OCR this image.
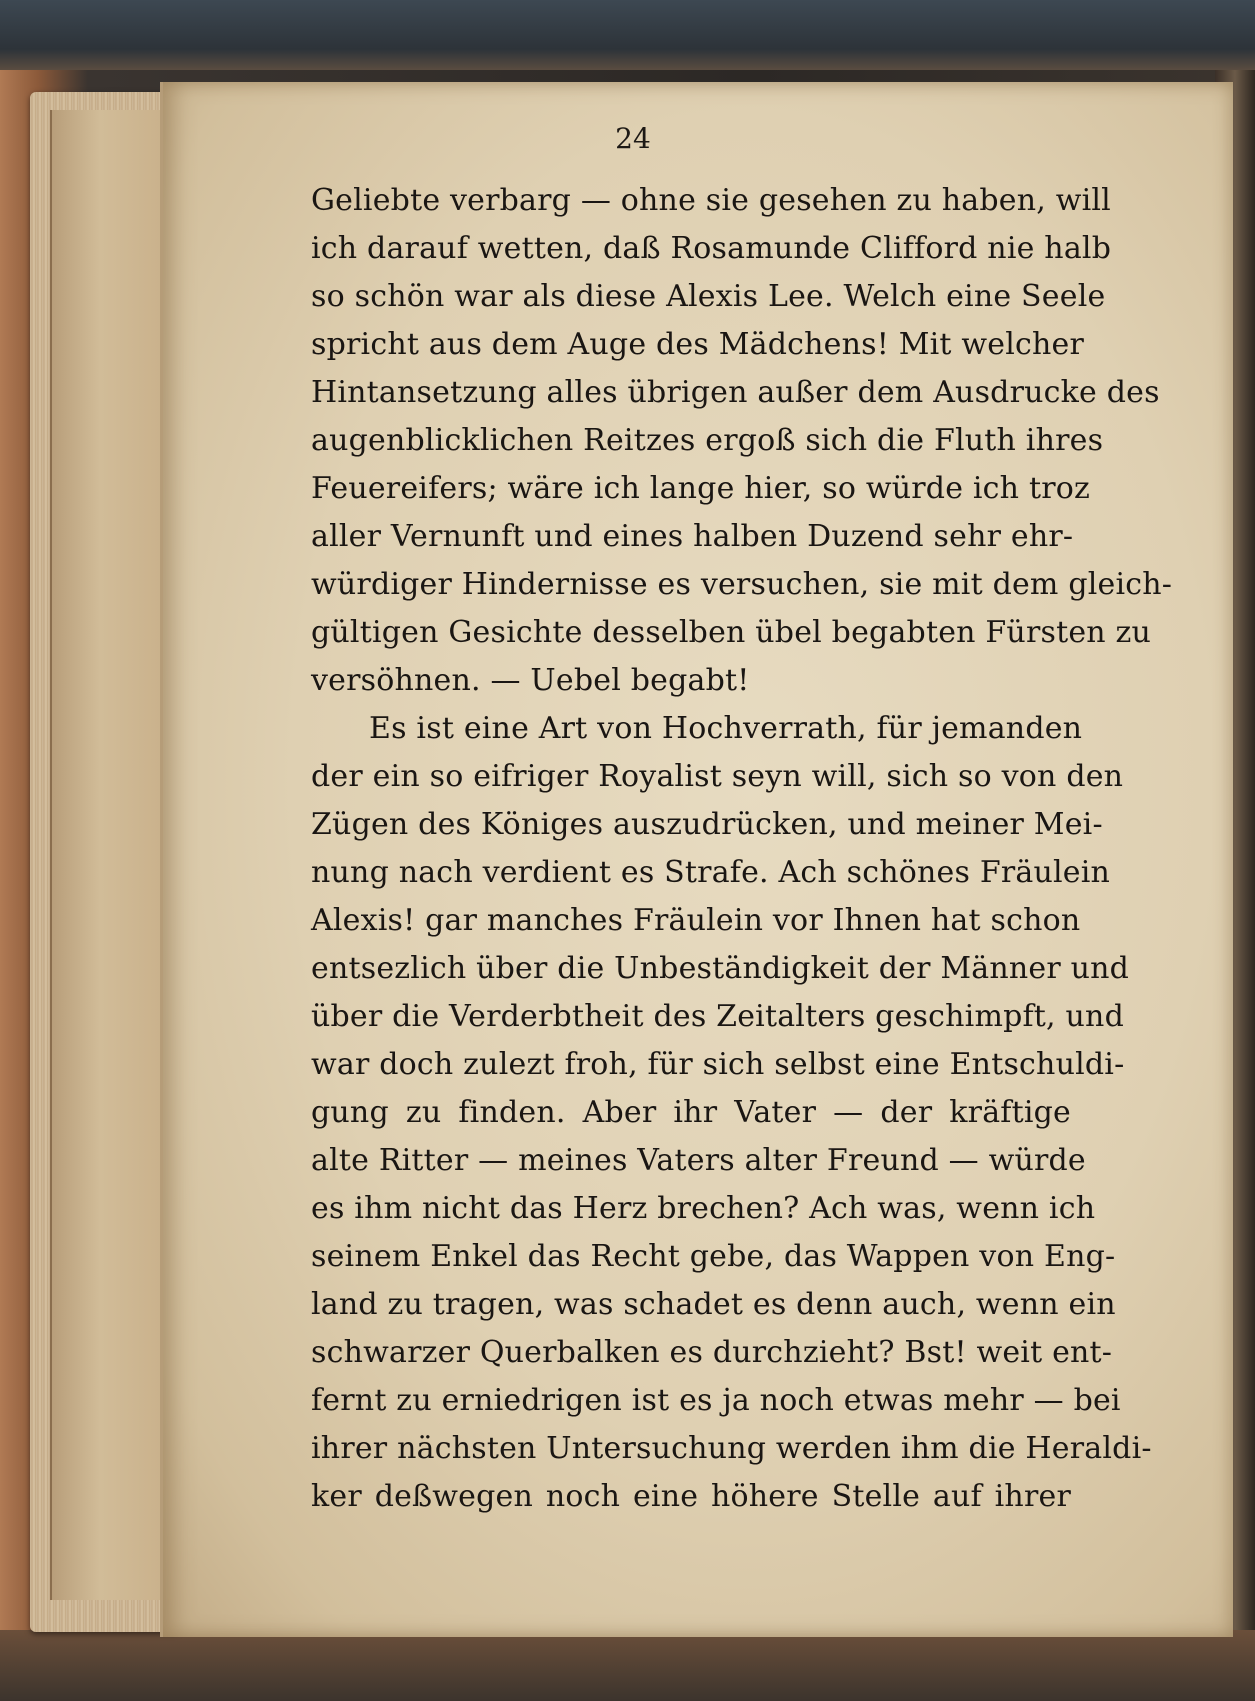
24
Geliebte verbarg — ohne sie gesehen zu haben, will
ich darauf wetten, daß Rosamunde Clifford nie halb
so schön war als diese Alexis Lee. Welch eine Seele
spricht aus dem Auge des Mädchens! Mit welcher
Hintansetzung alles übrigen außer dem Ausdrucke des
augenblicklichen Reitzes ergoß sich die Fluth ihres
Feuereifers; wäre ich lange hier, so würde ich troz
aller Vernunft und eines halben Duzend sehr ehr-
würdiger Hindernisse es versuchen, sie mit dem gleich-
gültigen Gesichte desselben übel begabten Fürsten zu
versöhnen. — Uebel begabt!
Es ist eine Art von Hochverrath, für jemanden
der ein so eifriger Royalist seyn will, sich so von den
Zügen des Königes auszudrücken, und meiner Mei-
nung nach verdient es Strafe. Ach schönes Fräulein
Alexis! gar manches Fräulein vor Ihnen hat schon
entsezlich über die Unbeständigkeit der Männer und
über die Verderbtheit des Zeitalters geschimpft, und
war doch zulezt froh, für sich selbst eine Entschuldi-
gung zu finden. Aber ihr Vater — der kräftige
alte Ritter — meines Vaters alter Freund — würde
es ihm nicht das Herz brechen? Ach was, wenn ich
seinem Enkel das Recht gebe, das Wappen von Eng-
land zu tragen, was schadet es denn auch, wenn ein
schwarzer Querbalken es durchzieht? Bst! weit ent-
fernt zu erniedrigen ist es ja noch etwas mehr — bei
ihrer nächsten Untersuchung werden ihm die Heraldi-
ker deßwegen noch eine höhere Stelle auf ihrer
